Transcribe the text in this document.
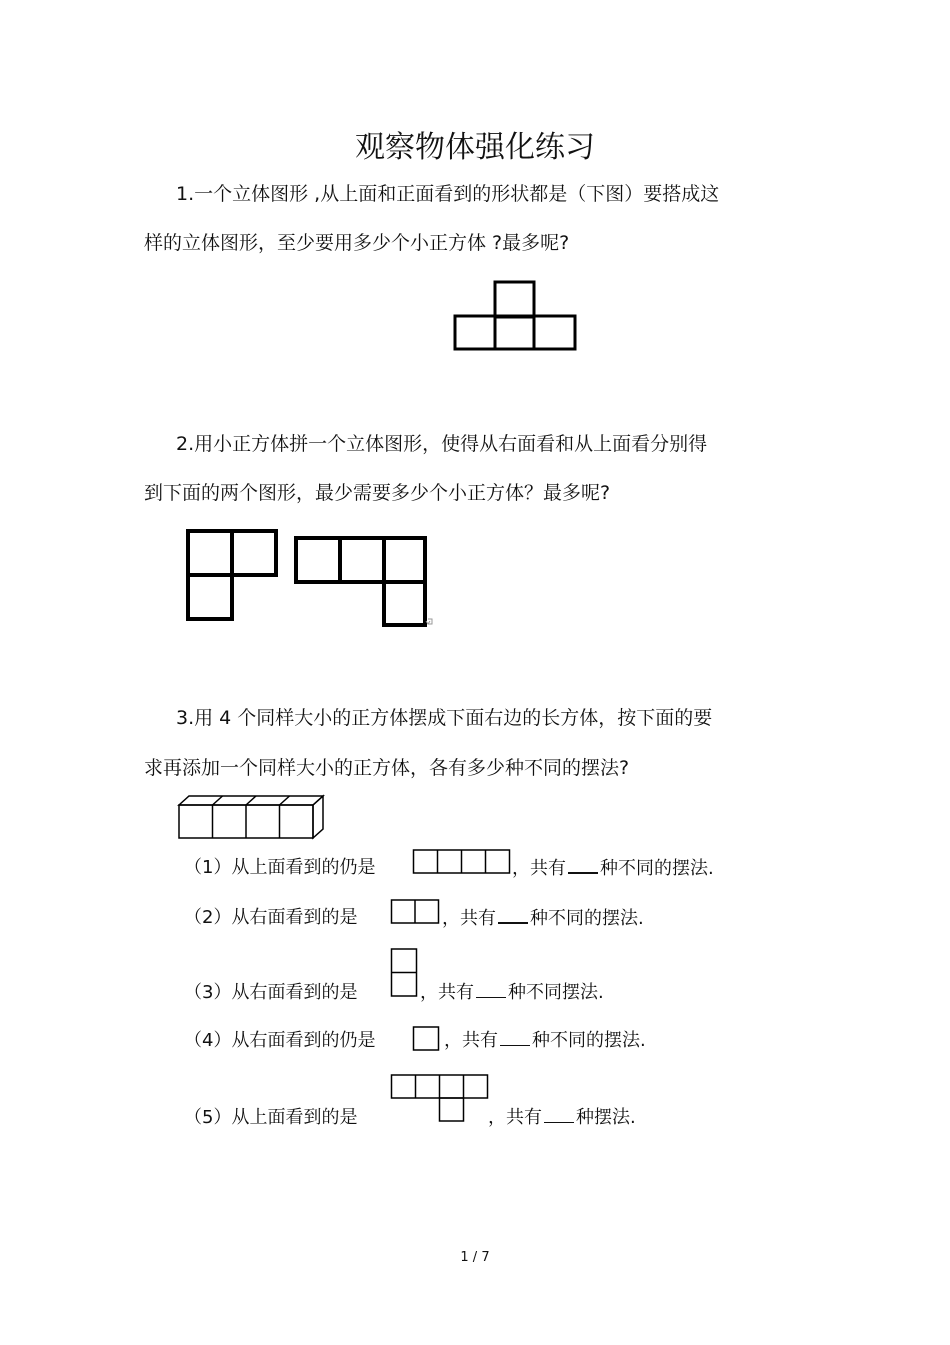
观察物体强化练习
1.一个立体图形 ,从上面和正面看到的形状都是（下图）要搭成这
样的立体图形，至少要用多少个小正方体 ?最多呢?
2.用小正方体拼一个立体图形，使得从右面看和从上面看分别得
到下面的两个图形，最少需要多少个小正方体？最多呢?
3.用 4 个同样大小的正方体摆成下面右边的长方体，按下面的要
求再添加一个同样大小的正方体，各有多少种不同的摆法?
（1）从上面看到的仍是	，共有 种不同的摆法.
（2）从右面看到的是	，共有 种不同的摆法.
（3）从右面看到的是	，共有 种不同摆法.
（4）从右面看到的仍是	，共有 种不同的摆法.
（5）从上面看到的是	，共有 种摆法.
1 / 7
